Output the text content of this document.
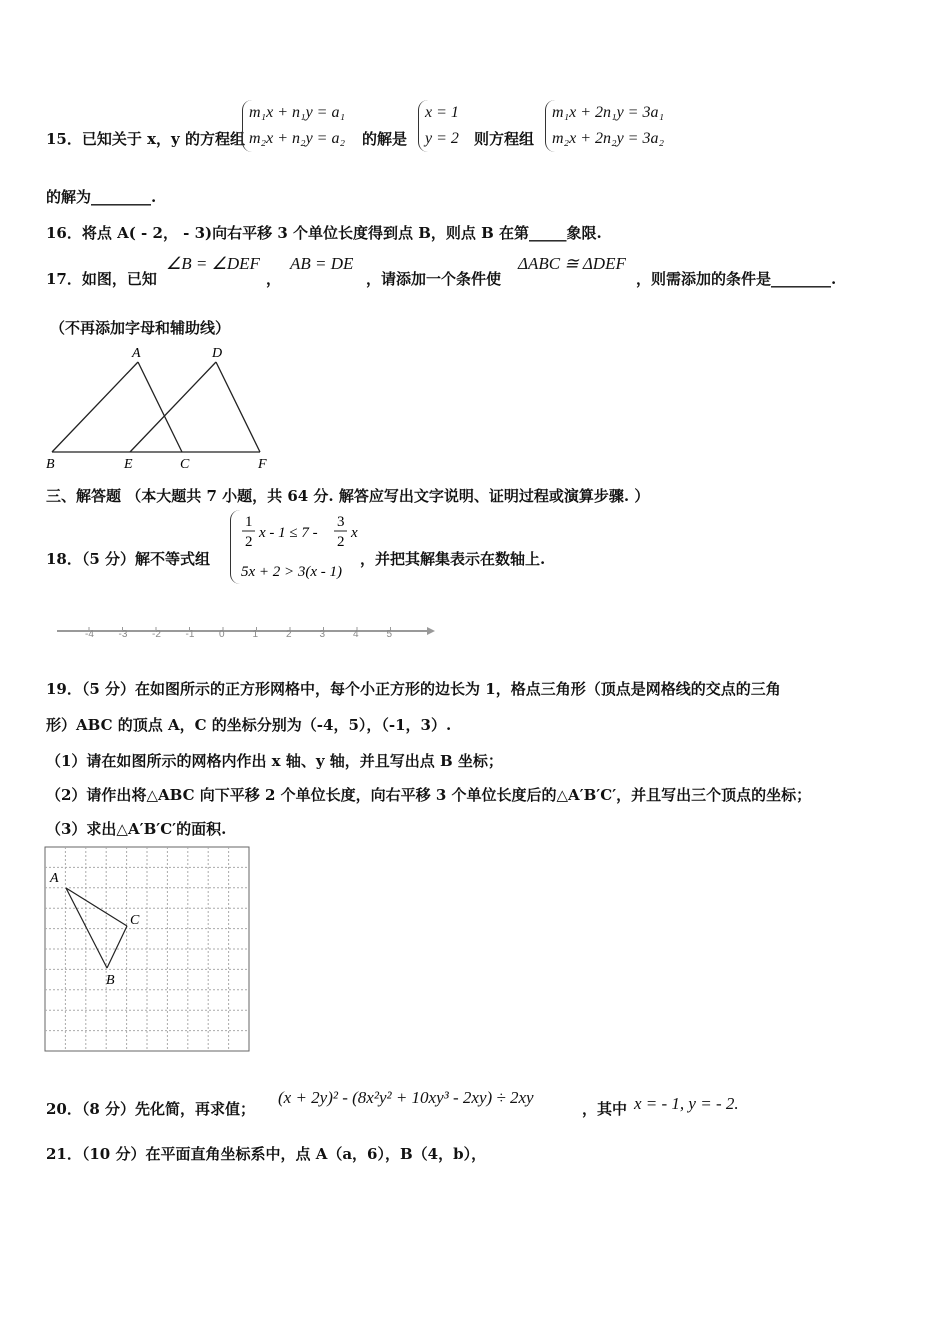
15．已知关于 x，y 的方程组
m₁x + n₁y = a₁
m₂x + n₂y = a₂ 的解是
x = 1
y = 2 则方程组
m₁x + 2n₁y = 3a₁
m₂x + 2n₂y = 3a₂
的解为________.
16．将点 A( - 2， - 3)向右平移 3 个单位长度得到点 B，则点 B 在第_____象限.
17．如图，已知
∠B = ∠DEF
，
AB = DE
，请添加一个条件使
ΔABC ≅ ΔDEF
，则需添加的条件是________.
（不再添加字母和辅助线）
A	D
B	E	C	F
三、解答题 （本大题共 7 小题，共 64 分. 解答应写出文字说明、证明过程或演算步骤. ）
18．（5 分）解不等式组
1
2
x - 1 ≤ 7 -
3
2
x
5x + 2 > 3(x - 1)
，并把其解集表示在数轴上.
-4 -3 -2 -1 0	1	2	3	4	5
19．（5 分）在如图所示的正方形网格中，每个小正方形的边长为 1，格点三角形（顶点是网格线的交点的三角
形）ABC 的顶点 A，C 的坐标分别为（-4，5），（-1，3）.
（1）请在如图所示的网格内作出 x 轴、y 轴，并且写出点 B 坐标；
（2）请作出将△ABC 向下平移 2 个单位长度，向右平移 3 个单位长度后的△A′B′C′，并且写出三个顶点的坐标；
（3）求出△A′B′C′的面积.
A
B
C
20．（8 分）先化简，再求值；
(x + 2y)² - (8x²y² + 10xy³ - 2xy) ÷ 2xy
，其中 x = - 1, y = - 2.
21．（10 分）在平面直角坐标系中，点 A（a，6），B（4，b），
